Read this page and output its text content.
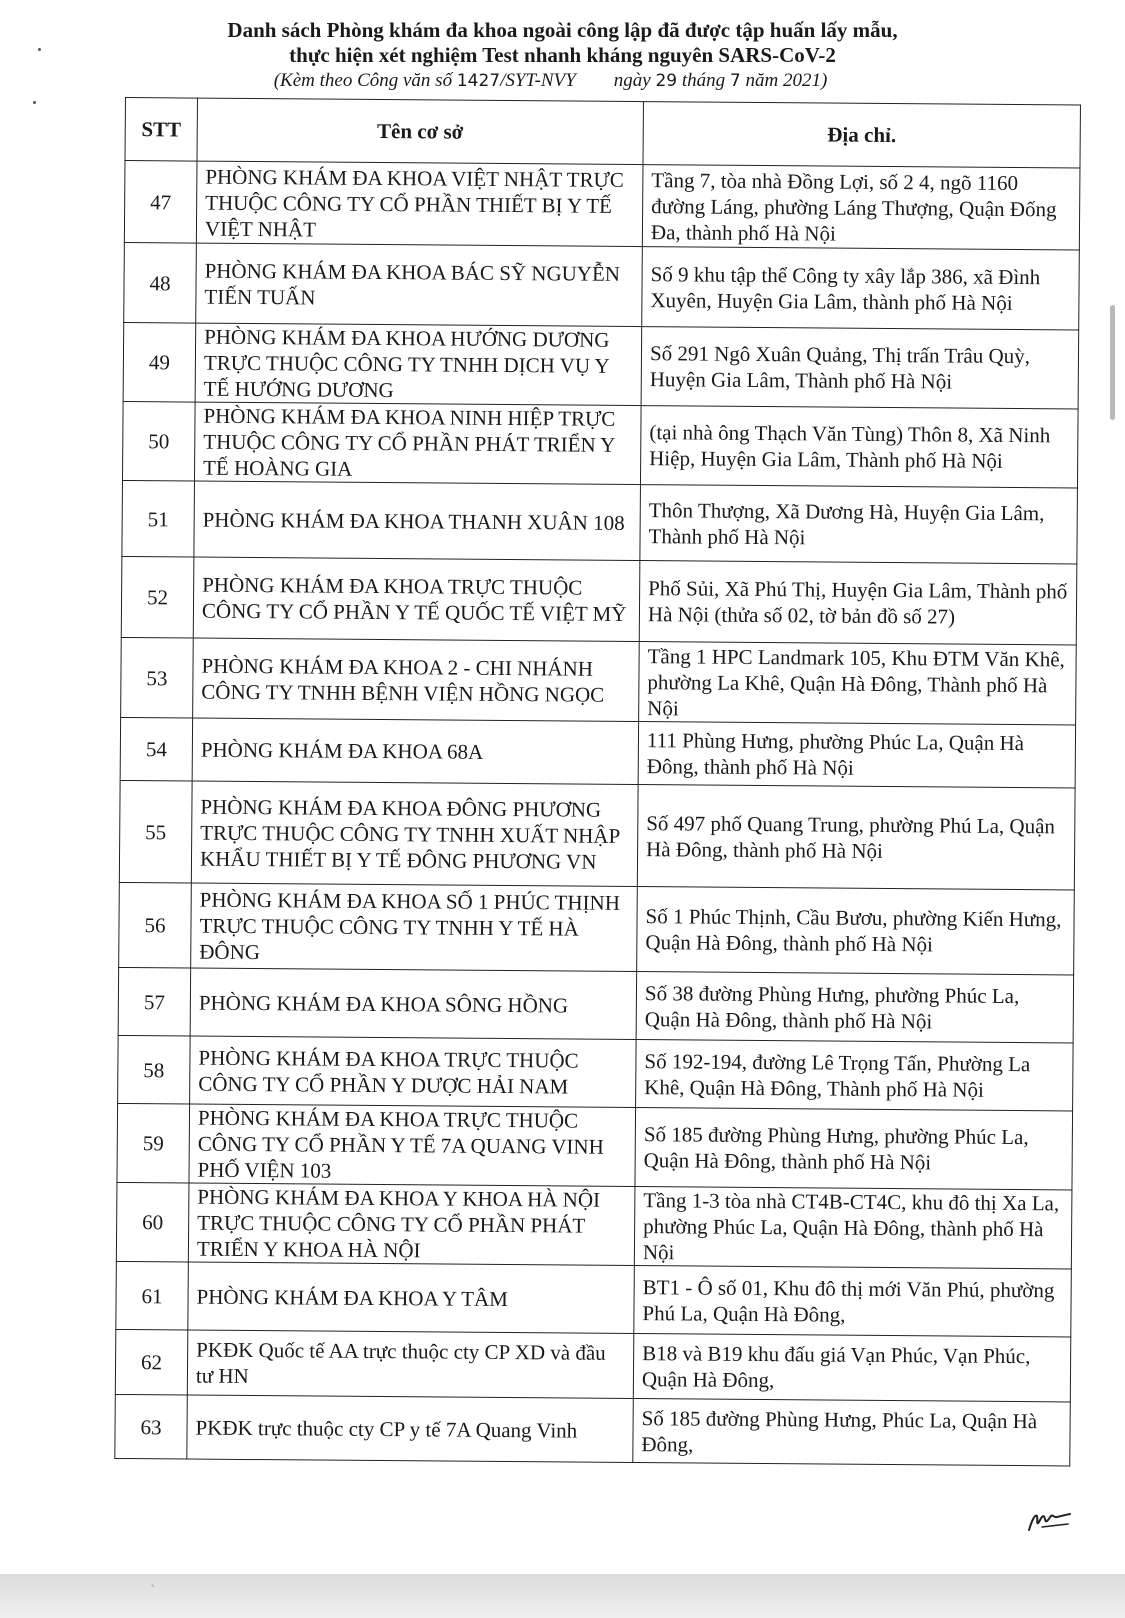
Danh sách Phòng khám đa khoa ngoài công lập đã được tập huấn lấy mẫu,

thực hiện xét nghiệm Test nhanh kháng nguyên SARS-CoV-2

(Kèm theo Công văn số 1427/SYT-NVY ngày 29 tháng 7 năm 2021)

STT	Tên cơ sở	Địa chỉ.
47	PHÒNG KHÁM ĐA KHOA VIỆT NHẬT TRỰC THUỘC CÔNG TY CỔ PHẦN THIẾT BỊ Y TẾ VIỆT NHẬT	Tầng 7, tòa nhà Đồng Lợi, số 2 4, ngõ 1160 đường Láng, phường Láng Thượng, Quận Đống Đa, thành phố Hà Nội
48	PHÒNG KHÁM ĐA KHOA BÁC SỸ NGUYỄN TIẾN TUẤN	Số 9 khu tập thể Công ty xây lắp 386, xã Đình Xuyên, Huyện Gia Lâm, thành phố Hà Nội
49	PHÒNG KHÁM ĐA KHOA HƯỚNG DƯƠNG TRỰC THUỘC CÔNG TY TNHH DỊCH VỤ Y TẾ HƯỚNG DƯƠNG	Số 291 Ngô Xuân Quảng, Thị trấn Trâu Quỳ, Huyện Gia Lâm, Thành phố Hà Nội
50	PHÒNG KHÁM ĐA KHOA NINH HIỆP TRỰC THUỘC CÔNG TY CỔ PHẦN PHÁT TRIỂN Y TẾ HOÀNG GIA	(tại nhà ông Thạch Văn Tùng) Thôn 8, Xã Ninh Hiệp, Huyện Gia Lâm, Thành phố Hà Nội
51	PHÒNG KHÁM ĐA KHOA THANH XUÂN 108	Thôn Thượng, Xã Dương Hà, Huyện Gia Lâm, Thành phố Hà Nội
52	PHÒNG KHÁM ĐA KHOA TRỰC THUỘC CÔNG TY CỔ PHẦN Y TẾ QUỐC TẾ VIỆT MỸ	Phố Sủi, Xã Phú Thị, Huyện Gia Lâm, Thành phố Hà Nội (thửa số 02, tờ bản đồ số 27)
53	PHÒNG KHÁM ĐA KHOA 2 - CHI NHÁNH CÔNG TY TNHH BỆNH VIỆN HỒNG NGỌC	Tầng 1 HPC Landmark 105, Khu ĐTM Văn Khê, phường La Khê, Quận Hà Đông, Thành phố Hà Nội
54	PHÒNG KHÁM ĐA KHOA 68A	111 Phùng Hưng, phường Phúc La, Quận Hà Đông, thành phố Hà Nội
55	PHÒNG KHÁM ĐA KHOA ĐÔNG PHƯƠNG TRỰC THUỘC CÔNG TY TNHH XUẤT NHẬP KHẨU THIẾT BỊ Y TẾ ĐÔNG PHƯƠNG VN	Số 497 phố Quang Trung, phường Phú La, Quận Hà Đông, thành phố Hà Nội
56	PHÒNG KHÁM ĐA KHOA SỐ 1 PHÚC THỊNH TRỰC THUỘC CÔNG TY TNHH Y TẾ HÀ ĐÔNG	Số 1 Phúc Thịnh, Cầu Bươu, phường Kiến Hưng, Quận Hà Đông, thành phố Hà Nội
57	PHÒNG KHÁM ĐA KHOA SÔNG HỒNG	Số 38 đường Phùng Hưng, phường Phúc La, Quận Hà Đông, thành phố Hà Nội
58	PHÒNG KHÁM ĐA KHOA TRỰC THUỘC CÔNG TY CỔ PHẦN Y DƯỢC HẢI NAM	Số 192-194, đường Lê Trọng Tấn, Phường La Khê, Quận Hà Đông, Thành phố Hà Nội
59	PHÒNG KHÁM ĐA KHOA TRỰC THUỘC CÔNG TY CỔ PHẦN Y TẾ 7A QUANG VINH PHỐ VIỆN 103	Số 185 đường Phùng Hưng, phường Phúc La, Quận Hà Đông, thành phố Hà Nội
60	PHÒNG KHÁM ĐA KHOA Y KHOA HÀ NỘI TRỰC THUỘC CÔNG TY CỔ PHẦN PHÁT TRIỂN Y KHOA HÀ NỘI	Tầng 1-3 tòa nhà CT4B-CT4C, khu đô thị Xa La, phường Phúc La, Quận Hà Đông, thành phố Hà Nội
61	PHÒNG KHÁM ĐA KHOA Y TÂM	BT1 - Ô số 01, Khu đô thị mới Văn Phú, phường Phú La, Quận Hà Đông,
62	PKĐK Quốc tế AA trực thuộc cty CP XD và đầu tư HN	B18 và B19 khu đấu giá Vạn Phúc, Vạn Phúc, Quận Hà Đông,
63	PKĐK trực thuộc cty CP y tế 7A Quang Vinh	Số 185 đường Phùng Hưng, Phúc La, Quận Hà Đông,
ˋ
